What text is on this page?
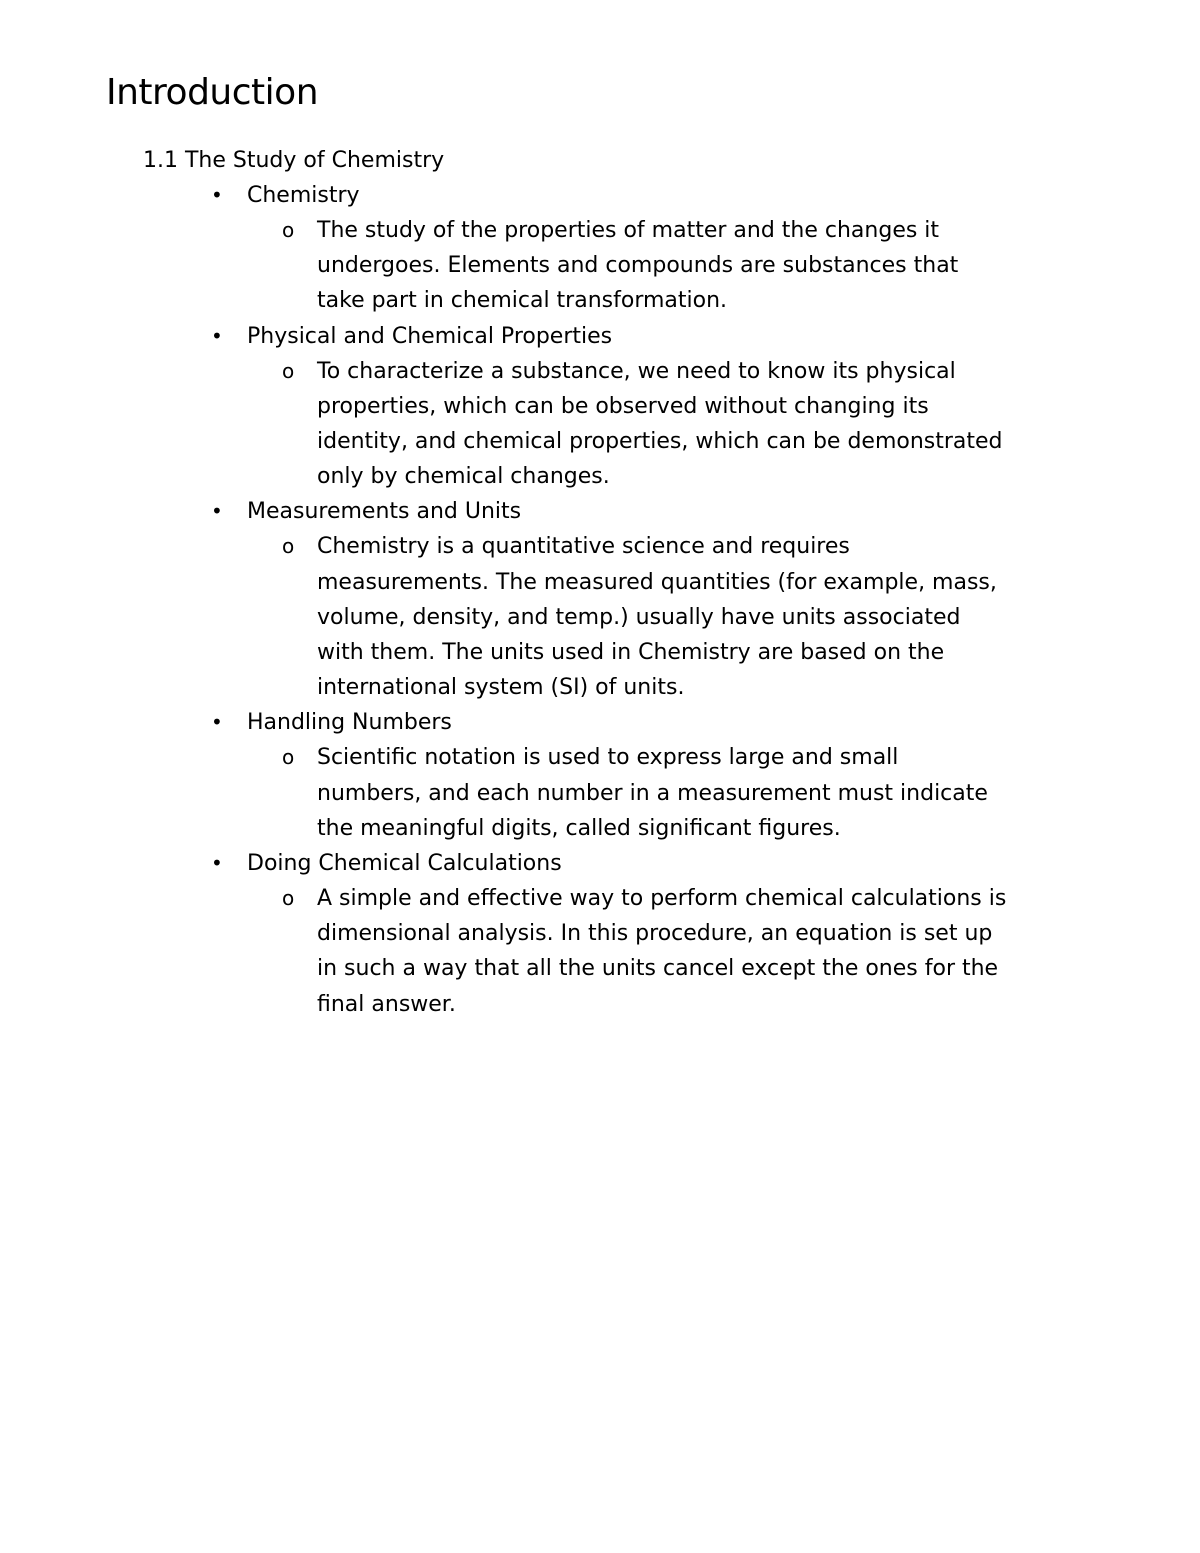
Introduction
1.1 The Study of Chemistry
• Chemistry
o The study of the properties of matter and the changes it
undergoes. Elements and compounds are substances that
take part in chemical transformation.
• Physical and Chemical Properties
o To characterize a substance, we need to know its physical
properties, which can be observed without changing its
identity, and chemical properties, which can be demonstrated
only by chemical changes.
• Measurements and Units
o Chemistry is a quantitative science and requires
measurements. The measured quantities (for example, mass,
volume, density, and temp.) usually have units associated
with them. The units used in Chemistry are based on the
international system (SI) of units.
• Handling Numbers
o Scientific notation is used to express large and small
numbers, and each number in a measurement must indicate
the meaningful digits, called significant figures.
• Doing Chemical Calculations
o A simple and effective way to perform chemical calculations is
dimensional analysis. In this procedure, an equation is set up
in such a way that all the units cancel except the ones for the
final answer.
